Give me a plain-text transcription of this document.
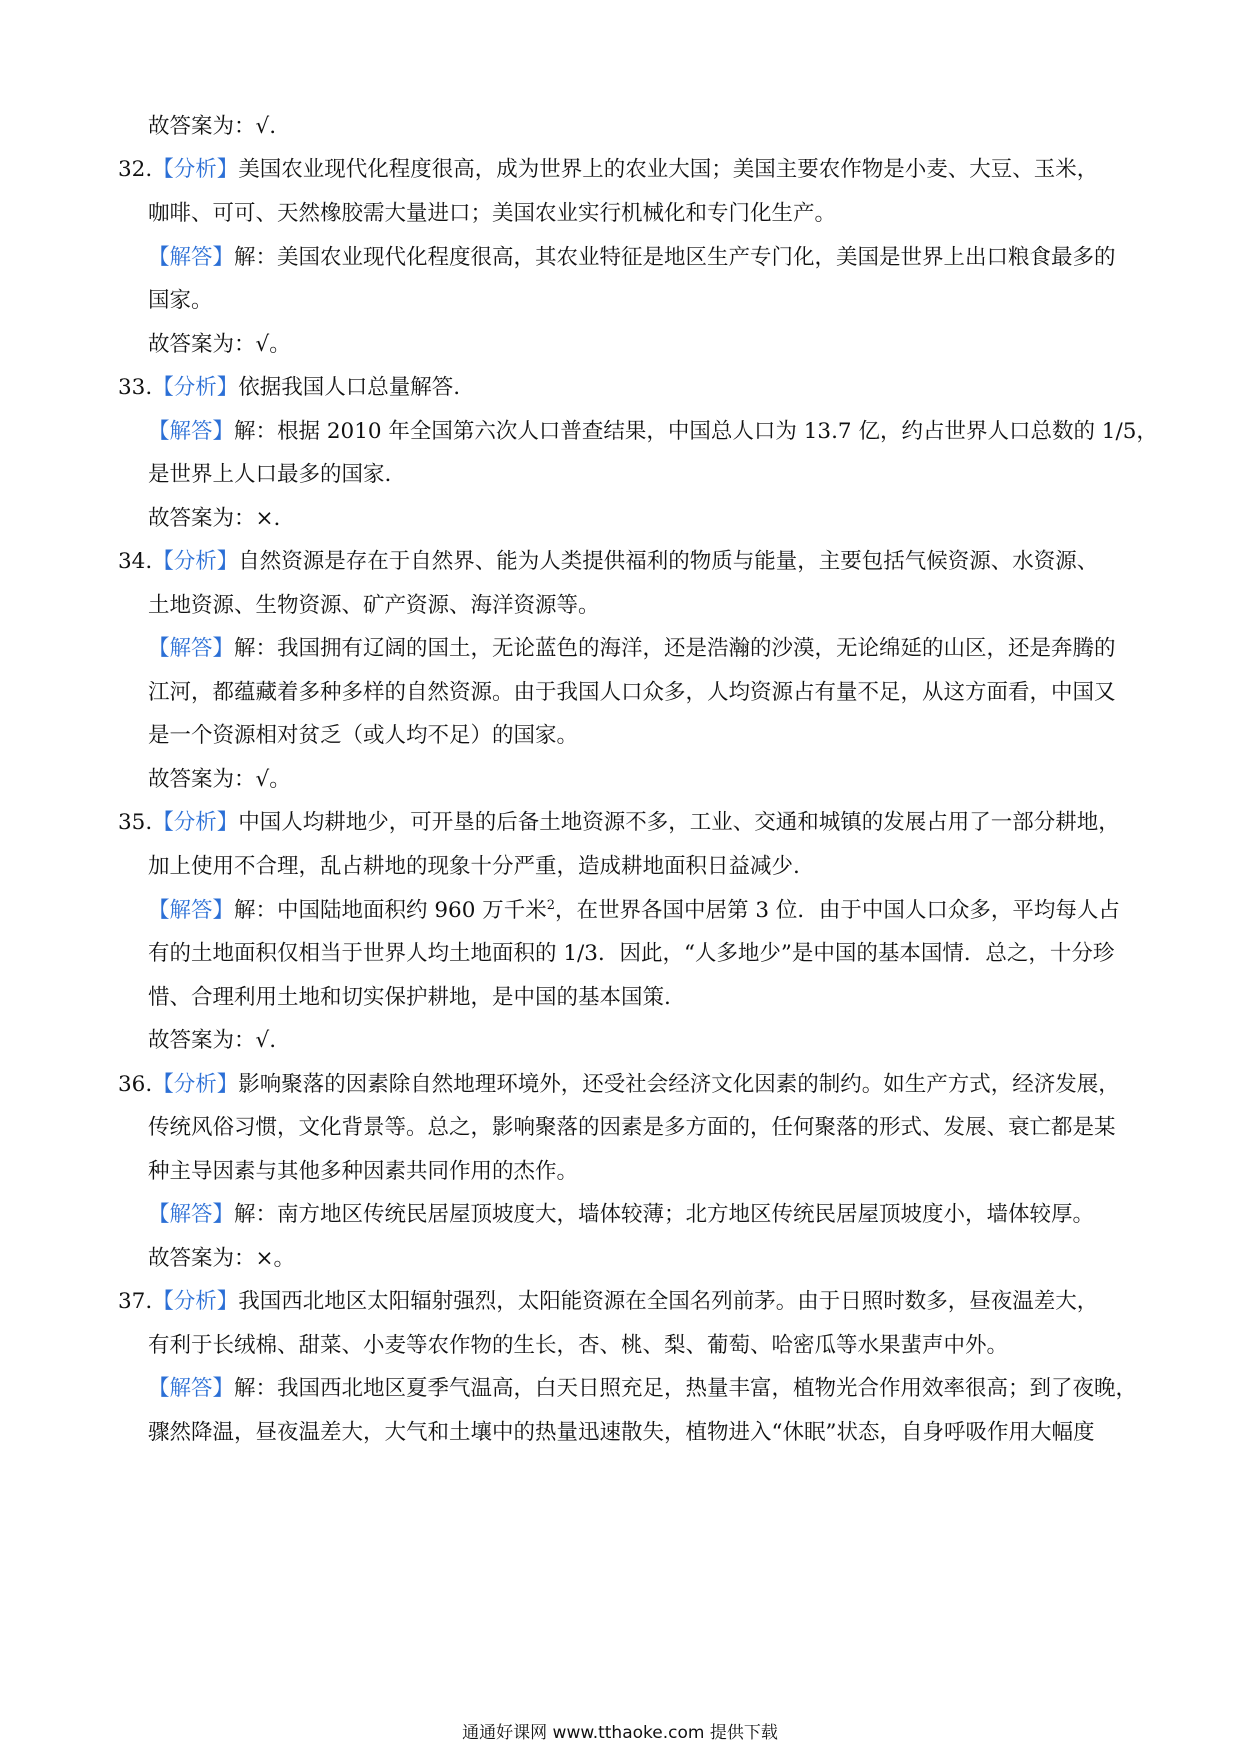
故答案为：√.
32.【分析】美国农业现代化程度很高，成为世界上的农业大国；美国主要农作物是小麦、大豆、玉米，
咖啡、可可、天然橡胶需大量进口；美国农业实行机械化和专门化生产。
【解答】解：美国农业现代化程度很高，其农业特征是地区生产专门化，美国是世界上出口粮食最多的
国家。
故答案为：√。
33.【分析】依据我国人口总量解答.
【解答】解：根据 2010 年全国第六次人口普查结果，中国总人口为 13.7 亿，约占世界人口总数的 1/5，
是世界上人口最多的国家.
故答案为：×.
34.【分析】自然资源是存在于自然界、能为人类提供福利的物质与能量，主要包括气候资源、水资源、
土地资源、生物资源、矿产资源、海洋资源等。
【解答】解：我国拥有辽阔的国土，无论蓝色的海洋，还是浩瀚的沙漠，无论绵延的山区，还是奔腾的
江河，都蕴藏着多种多样的自然资源。由于我国人口众多，人均资源占有量不足，从这方面看，中国又
是一个资源相对贫乏（或人均不足）的国家。
故答案为：√。
35.【分析】中国人均耕地少，可开垦的后备土地资源不多，工业、交通和城镇的发展占用了一部分耕地，
加上使用不合理，乱占耕地的现象十分严重，造成耕地面积日益减少.
【解答】解：中国陆地面积约 960 万千米$^2$，在世界各国中居第 3 位．由于中国人口众多，平均每人占
有的土地面积仅相当于世界人均土地面积的 1/3．因此，“人多地少”是中国的基本国情．总之，十分珍
惜、合理利用土地和切实保护耕地，是中国的基本国策.
故答案为：√.
36.【分析】影响聚落的因素除自然地理环境外，还受社会经济文化因素的制约。如生产方式，经济发展，
传统风俗习惯，文化背景等。总之，影响聚落的因素是多方面的，任何聚落的形式、发展、衰亡都是某
种主导因素与其他多种因素共同作用的杰作。
【解答】解：南方地区传统民居屋顶坡度大，墙体较薄；北方地区传统民居屋顶坡度小，墙体较厚。
故答案为：×。
37.【分析】我国西北地区太阳辐射强烈，太阳能资源在全国名列前茅。由于日照时数多，昼夜温差大，
有利于长绒棉、甜菜、小麦等农作物的生长，杏、桃、梨、葡萄、哈密瓜等水果蜚声中外。
【解答】解：我国西北地区夏季气温高，白天日照充足，热量丰富，植物光合作用效率很高；到了夜晚，
骤然降温，昼夜温差大，大气和土壤中的热量迅速散失，植物进入“休眠”状态，自身呼吸作用大幅度
通通好课网 www.tthaoke.com 提供下载
